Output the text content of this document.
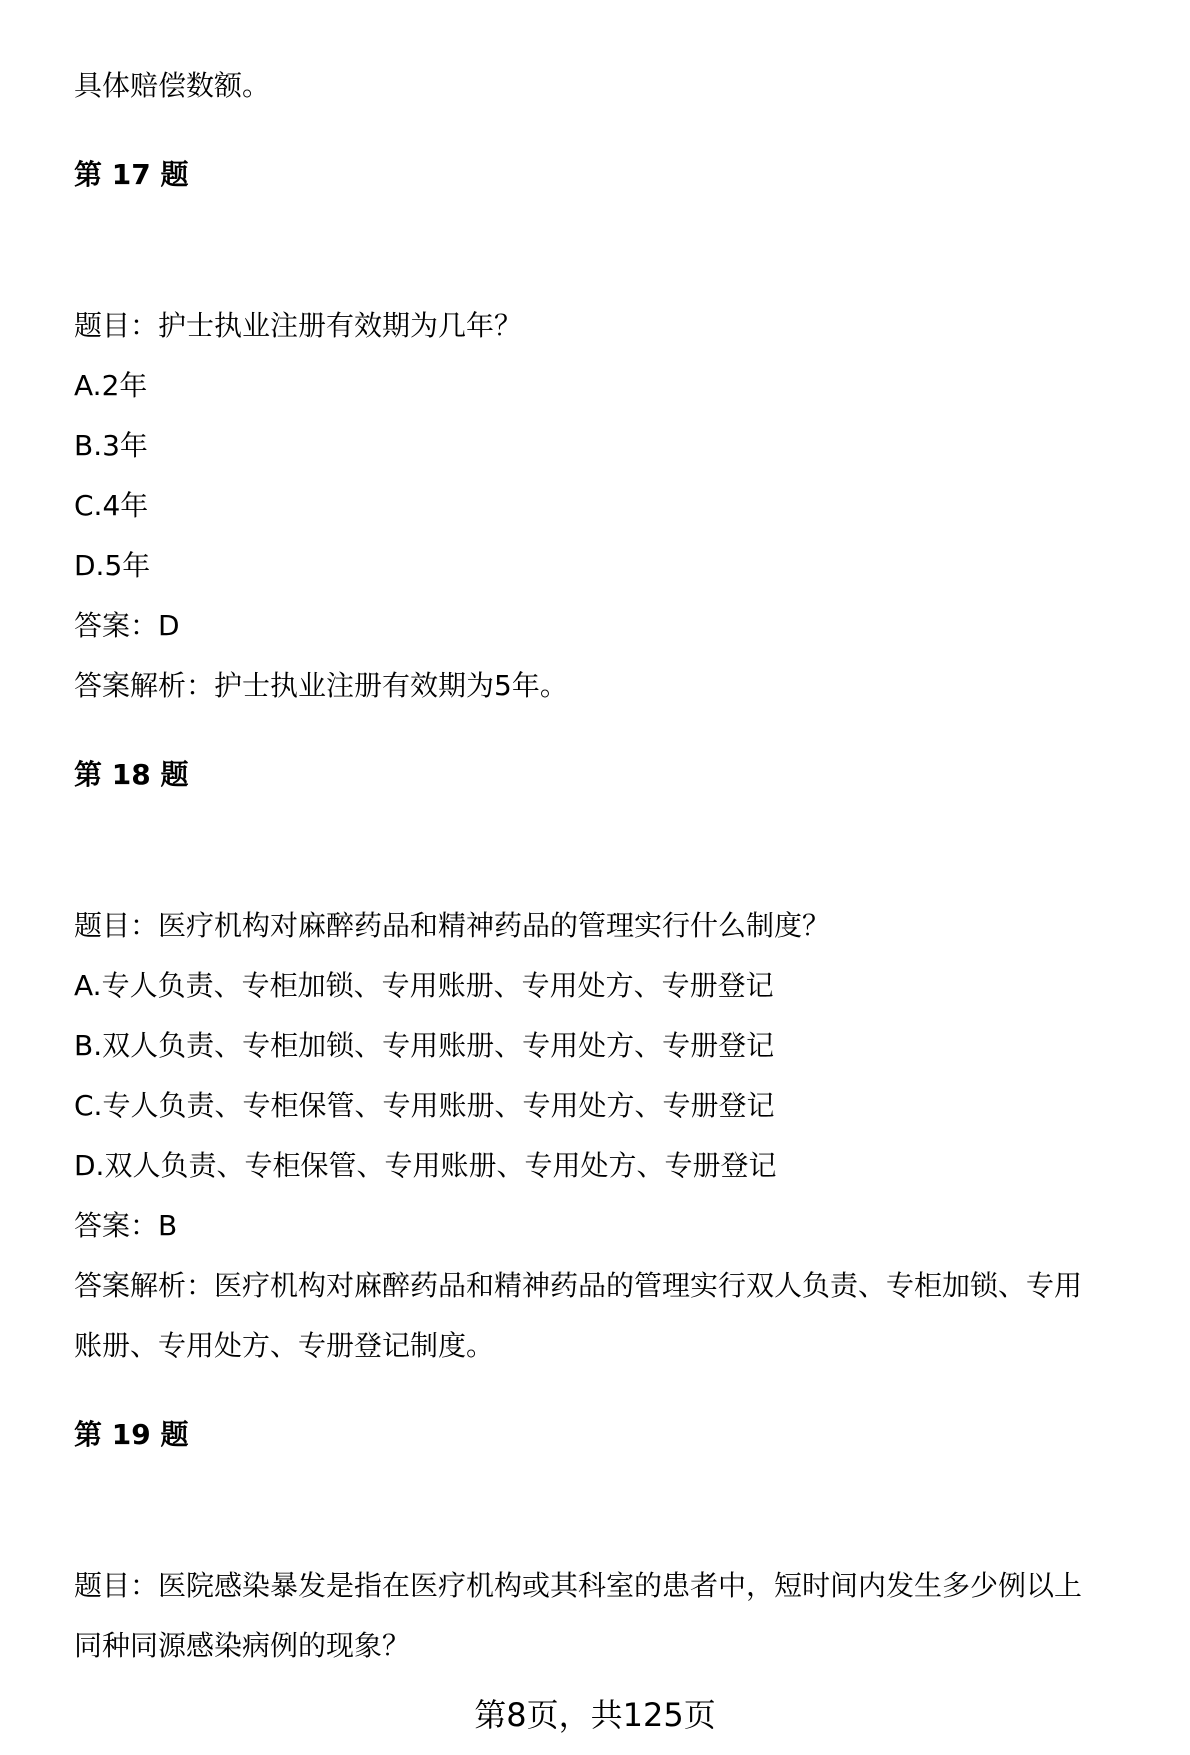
具体赔偿数额。

第 17 题

题目：护士执业注册有效期为几年？

A.2年

B.3年

C.4年

D.5年

答案：D

答案解析：护士执业注册有效期为5年。

第 18 题

题目：医疗机构对麻醉药品和精神药品的管理实行什么制度？

A.专人负责、专柜加锁、专用账册、专用处方、专册登记

B.双人负责、专柜加锁、专用账册、专用处方、专册登记

C.专人负责、专柜保管、专用账册、专用处方、专册登记

D.双人负责、专柜保管、专用账册、专用处方、专册登记

答案：B

答案解析：医疗机构对麻醉药品和精神药品的管理实行双人负责、专柜加锁、专用

账册、专用处方、专册登记制度。

第 19 题

题目：医院感染暴发是指在医疗机构或其科室的患者中，短时间内发生多少例以上

同种同源感染病例的现象？

第8页，共125页
